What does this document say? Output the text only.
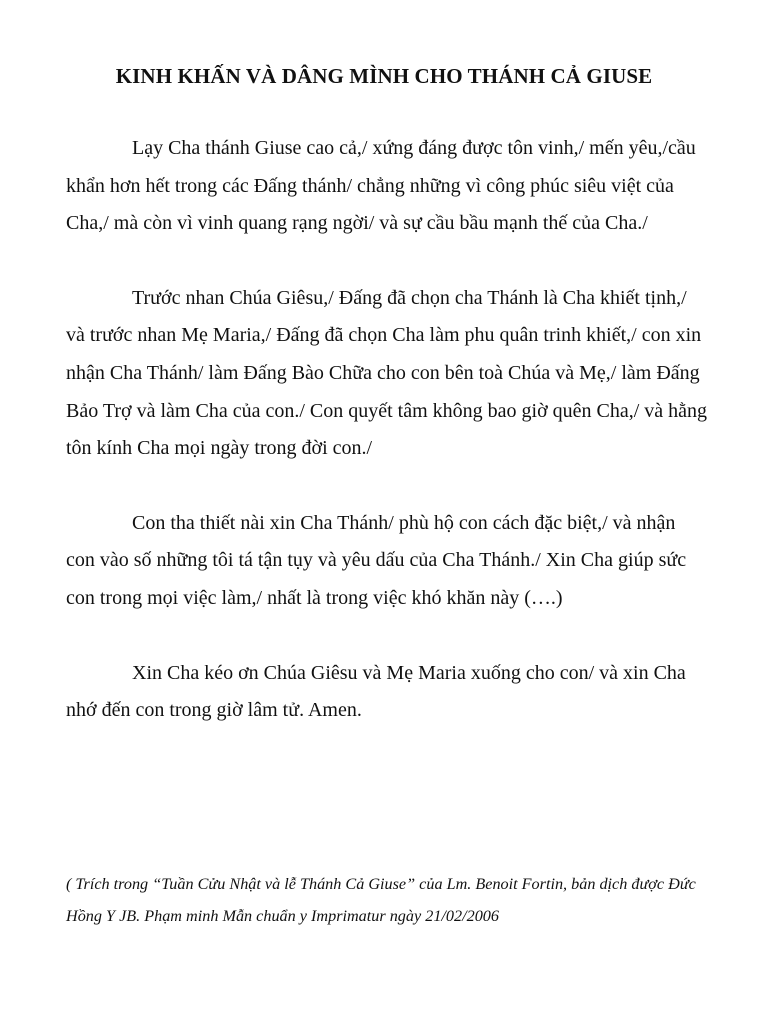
KINH KHẤN VÀ DÂNG MÌNH CHO THÁNH CẢ GIUSE

Lạy Cha thánh Giuse cao cả,/ xứng đáng được tôn vinh,/ mến yêu,/cầu khẩn hơn hết trong các Đấng thánh/ chẳng những vì công phúc siêu việt của Cha,/ mà còn vì vinh quang rạng ngời/ và sự cầu bầu mạnh thế của Cha./

Trước nhan Chúa Giêsu,/ Đấng đã chọn cha Thánh là Cha khiết tịnh,/ và trước nhan Mẹ Maria,/ Đấng đã chọn Cha làm phu quân trinh khiết,/ con xin nhận Cha Thánh/ làm Đấng Bào Chữa cho con bên toà Chúa và Mẹ,/ làm Đấng Bảo Trợ và làm Cha của con./ Con quyết tâm không bao giờ quên Cha,/ và hằng tôn kính Cha mọi ngày trong đời con./

Con tha thiết nài xin Cha Thánh/ phù hộ con cách đặc biệt,/ và nhận con vào số những tôi tá tận tụy và yêu dấu của Cha Thánh./ Xin Cha giúp sức con trong mọi việc làm,/ nhất là trong việc khó khăn này (….)

Xin Cha kéo ơn Chúa Giêsu và Mẹ Maria xuống cho con/ và xin Cha nhớ đến con trong giờ lâm tử. Amen.

( Trích trong “Tuần Cửu Nhật và lễ Thánh Cả Giuse” của Lm. Benoit Fortin, bản dịch được Đức Hồng Y JB. Phạm minh Mẫn chuẩn y Imprimatur ngày 21/02/2006
